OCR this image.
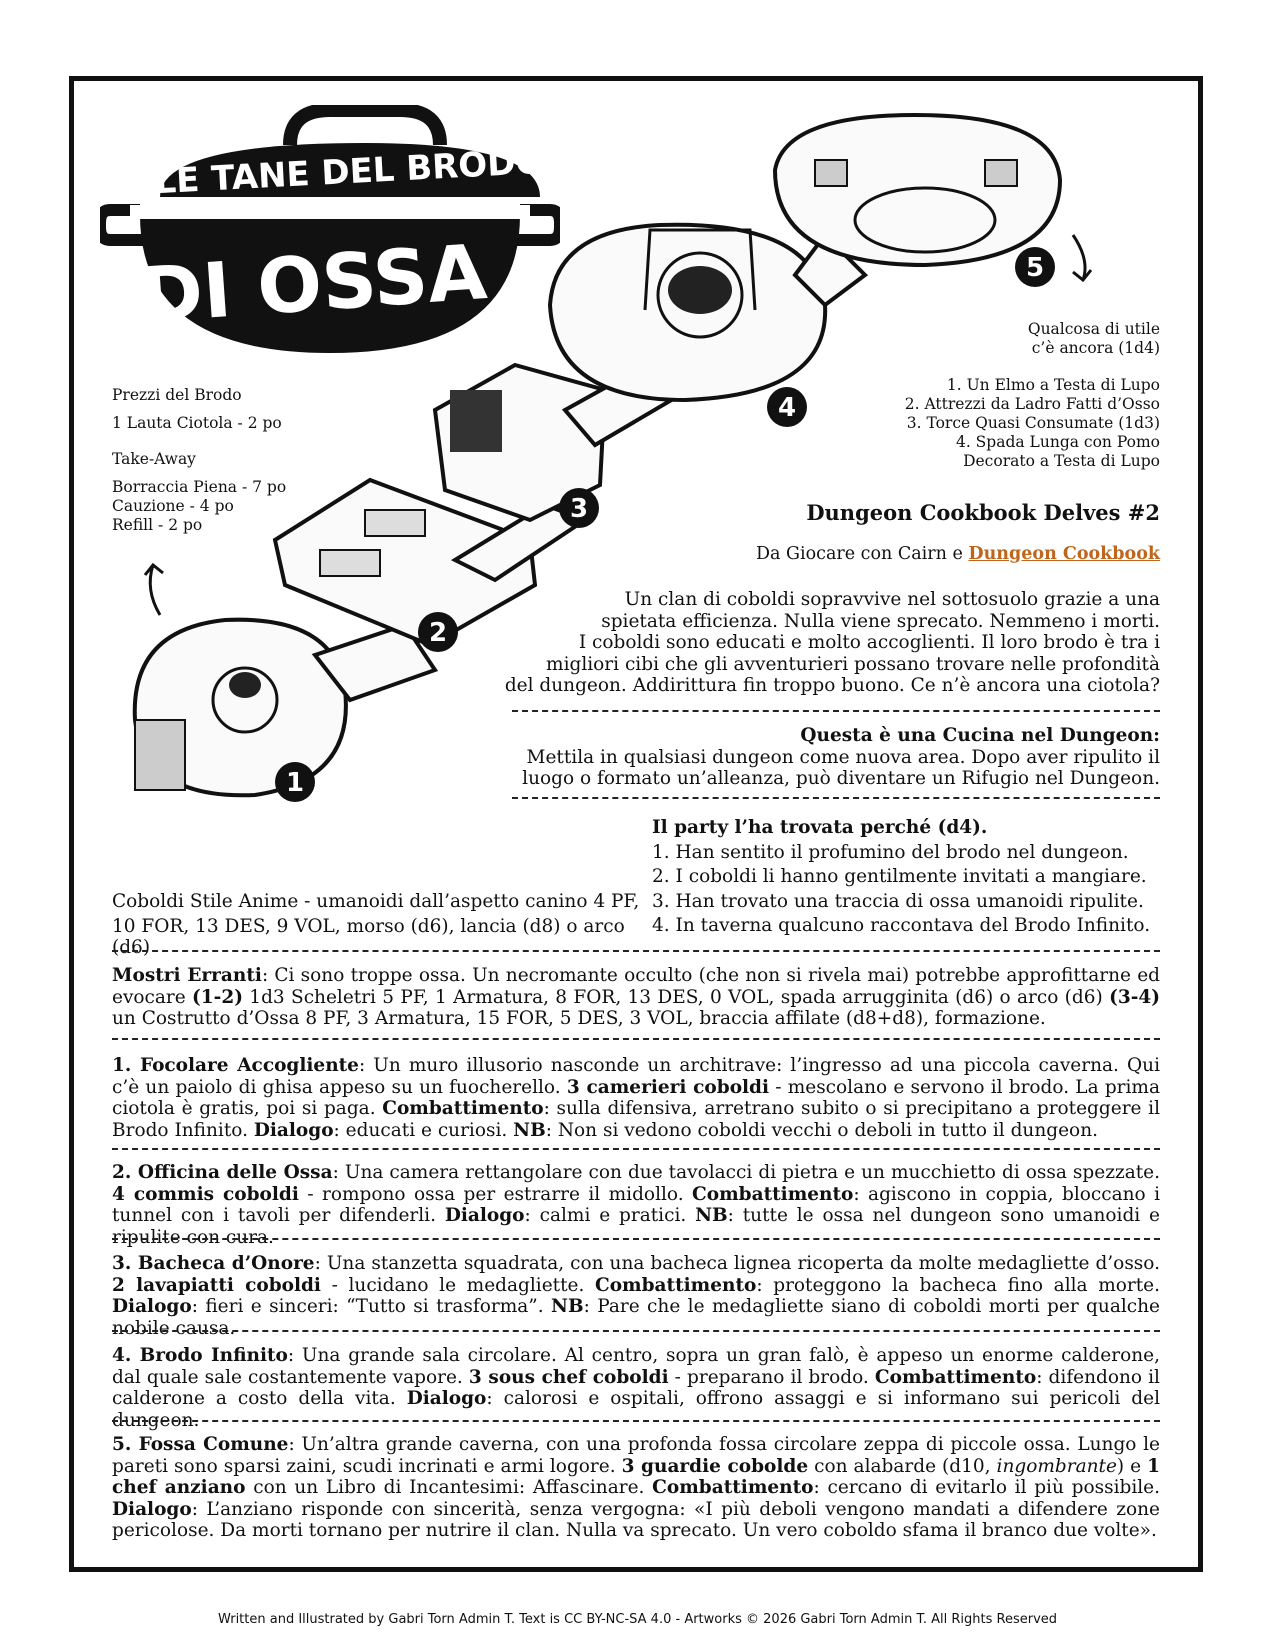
LE TANE DEL BRODO
DI OSSA
1
2
3
4
5
Prezzi del Brodo
1 Lauta Ciotola - 2 po
Take-Away
Borraccia Piena - 7 po
Cauzione - 4 po
Refill - 2 po
Qualcosa di utile
c’è ancora (1d4)
1. Un Elmo a Testa di Lupo
2. Attrezzi da Ladro Fatti d’Osso
3. Torce Quasi Consumate (1d3)
4. Spada Lunga con Pomo
Decorato a Testa di Lupo
Dungeon Cookbook Delves #2
Da Giocare con Cairn e Dungeon Cookbook
Un clan di coboldi sopravvive nel sottosuolo grazie a una
spietata efficienza. Nulla viene sprecato. Nemmeno i morti.
I coboldi sono educati e molto accoglienti. Il loro brodo è tra i
migliori cibi che gli avventurieri possano trovare nelle profondità
del dungeon. Addirittura fin troppo buono. Ce n’è ancora una ciotola?
Questa è una Cucina nel Dungeon:
Mettila in qualsiasi dungeon come nuova area. Dopo aver ripulito il
luogo o formato un’alleanza, può diventare un Rifugio nel Dungeon.
Il party l’ha trovata perché (d4).
1. Han sentito il profumino del brodo nel dungeon.
2. I coboldi li hanno gentilmente invitati a mangiare.
3. Han trovato una traccia di ossa umanoidi ripulite.
4. In taverna qualcuno raccontava del Brodo Infinito.
Coboldi Stile Anime - umanoidi dall’aspetto canino 4 PF,
10 FOR, 13 DES, 9 VOL, morso (d6), lancia (d8) o arco (d6)
Mostri Erranti: Ci sono troppe ossa. Un necromante occulto (che non si rivela mai) potrebbe approfittarne ed evocare (1-2) 1d3 Scheletri 5 PF, 1 Armatura, 8 FOR, 13 DES, 0 VOL, spada arrugginita (d6) o arco (d6) (3-4) un Costrutto d’Ossa 8 PF, 3 Armatura, 15 FOR, 5 DES, 3 VOL, braccia affilate (d8+d8), formazione.
1. Focolare Accogliente: Un muro illusorio nasconde un architrave: l’ingresso ad una piccola caverna. Qui c’è un paiolo di ghisa appeso su un fuocherello. 3 camerieri coboldi - mescolano e servono il brodo. La prima ciotola è gratis, poi si paga. Combattimento: sulla difensiva, arretrano subito o si precipitano a proteggere il Brodo Infinito. Dialogo: educati e curiosi. NB: Non si vedono coboldi vecchi o deboli in tutto il dungeon.
2. Officina delle Ossa: Una camera rettangolare con due tavolacci di pietra e un mucchietto di ossa spezzate. 4 commis coboldi - rompono ossa per estrarre il midollo. Combattimento: agiscono in coppia, bloccano i tunnel con i tavoli per difenderli. Dialogo: calmi e pratici. NB: tutte le ossa nel dungeon sono umanoidi e ripulite con cura.
3. Bacheca d’Onore: Una stanzetta squadrata, con una bacheca lignea ricoperta da molte medagliette d’osso. 2 lavapiatti coboldi - lucidano le medagliette. Combattimento: proteggono la bacheca fino alla morte. Dialogo: fieri e sinceri: “Tutto si trasforma”. NB: Pare che le medagliette siano di coboldi morti per qualche nobile causa.
4. Brodo Infinito: Una grande sala circolare. Al centro, sopra un gran falò, è appeso un enorme calderone, dal quale sale costantemente vapore. 3 sous chef coboldi - preparano il brodo. Combattimento: difendono il calderone a costo della vita. Dialogo: calorosi e ospitali, offrono assaggi e si informano sui pericoli del dungeon.
5. Fossa Comune: Un’altra grande caverna, con una profonda fossa circolare zeppa di piccole ossa. Lungo le pareti sono sparsi zaini, scudi incrinati e armi logore. 3 guardie cobolde con alabarde (d10, ingombrante) e 1 chef anziano con un Libro di Incantesimi: Affascinare. Combattimento: cercano di evitarlo il più possibile. Dialogo: L’anziano risponde con sincerità, senza vergogna: «I più deboli vengono mandati a difendere zone pericolose. Da morti tornano per nutrire il clan. Nulla va sprecato. Un vero coboldo sfama il branco due volte».
Written and Illustrated by Gabri Torn Admin T. Text is CC BY-NC-SA 4.0 - Artworks © 2026 Gabri Torn Admin T. All Rights Reserved
